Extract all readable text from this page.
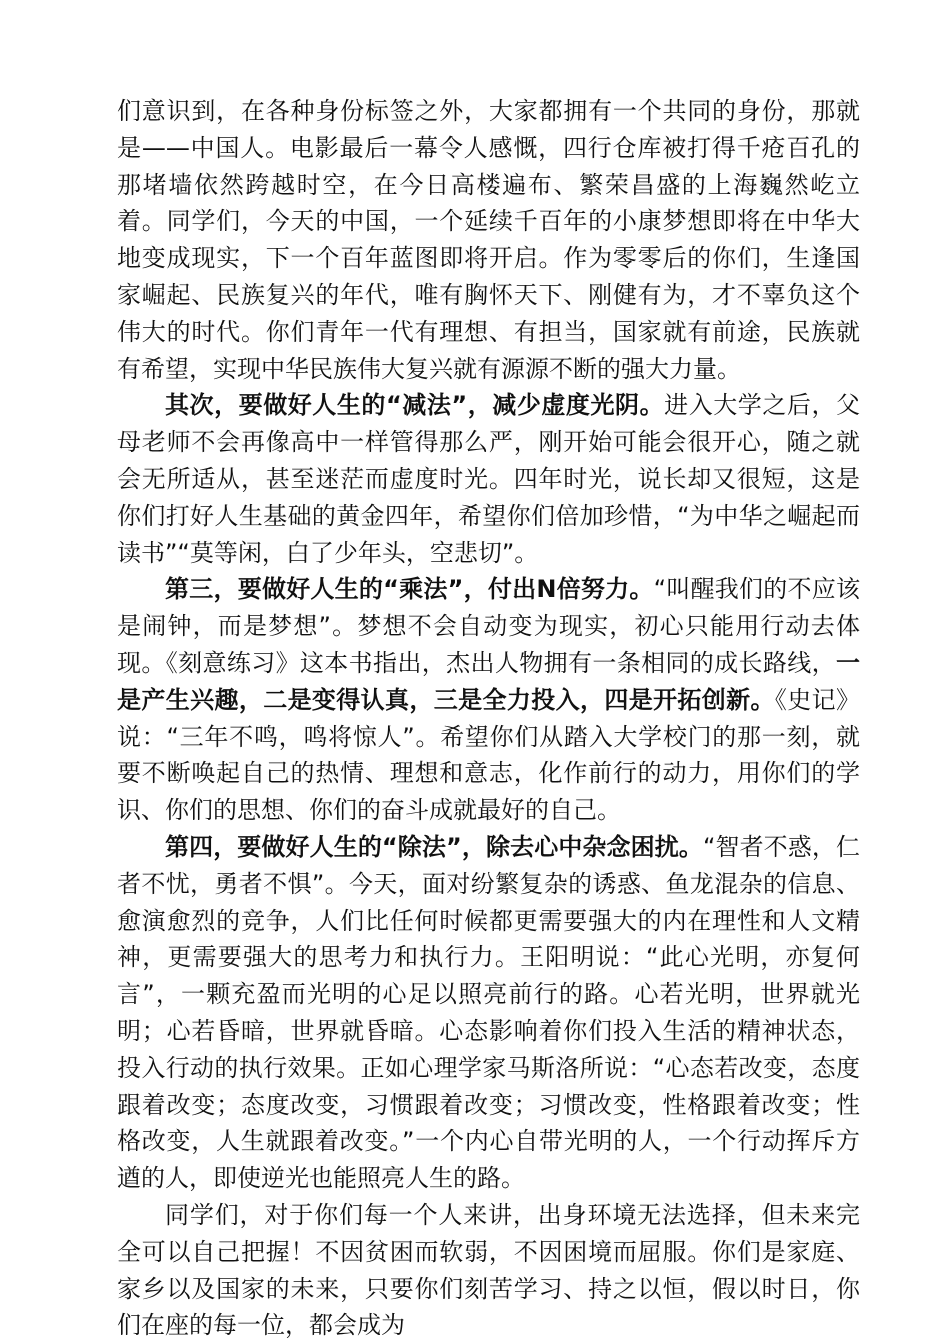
们意识到，在各种身份标签之外，大家都拥有一个共同的身份，那就是——中国人。电影最后一幕令人感慨，四行仓库被打得千疮百孔的那堵墙依然跨越时空，在今日高楼遍布、繁荣昌盛的上海巍然屹立着。同学们，今天的中国，一个延续千百年的小康梦想即将在中华大地变成现实，下一个百年蓝图即将开启。作为零零后的你们，生逢国家崛起、民族复兴的年代，唯有胸怀天下、刚健有为，才不辜负这个伟大的时代。你们青年一代有理想、有担当，国家就有前途，民族就有希望，实现中华民族伟大复兴就有源源不断的强大力量。

其次，要做好人生的“减法”，减少虚度光阴。进入大学之后，父母老师不会再像高中一样管得那么严，刚开始可能会很开心，随之就会无所适从，甚至迷茫而虚度时光。四年时光，说长却又很短，这是你们打好人生基础的黄金四年，希望你们倍加珍惜，“为中华之崛起而读书”“莫等闲，白了少年头，空悲切”。

第三，要做好人生的“乘法”，付出N倍努力。“叫醒我们的不应该是闹钟，而是梦想”。梦想不会自动变为现实，初心只能用行动去体现。《刻意练习》这本书指出，杰出人物拥有一条相同的成长路线，一是产生兴趣，二是变得认真，三是全力投入，四是开拓创新。《史记》说：“三年不鸣，鸣将惊人”。希望你们从踏入大学校门的那一刻，就要不断唤起自己的热情、理想和意志，化作前行的动力，用你们的学识、你们的思想、你们的奋斗成就最好的自己。

第四，要做好人生的“除法”，除去心中杂念困扰。“智者不惑，仁者不忧，勇者不惧”。今天，面对纷繁复杂的诱惑、鱼龙混杂的信息、愈演愈烈的竞争，人们比任何时候都更需要强大的内在理性和人文精神，更需要强大的思考力和执行力。王阳明说：“此心光明，亦复何言”，一颗充盈而光明的心足以照亮前行的路。心若光明，世界就光明；心若昏暗，世界就昏暗。心态影响着你们投入生活的精神状态，投入行动的执行效果。正如心理学家马斯洛所说：“心态若改变，态度跟着改变；态度改变，习惯跟着改变；习惯改变，性格跟着改变；性格改变，人生就跟着改变。”一个内心自带光明的人，一个行动挥斥方遒的人，即使逆光也能照亮人生的路。

同学们，对于你们每一个人来讲，出身环境无法选择，但未来完全可以自己把握！不因贫困而软弱，不因困境而屈服。你们是家庭、家乡以及国家的未来，只要你们刻苦学习、持之以恒，假以时日，你们在座的每一位，都会成为
